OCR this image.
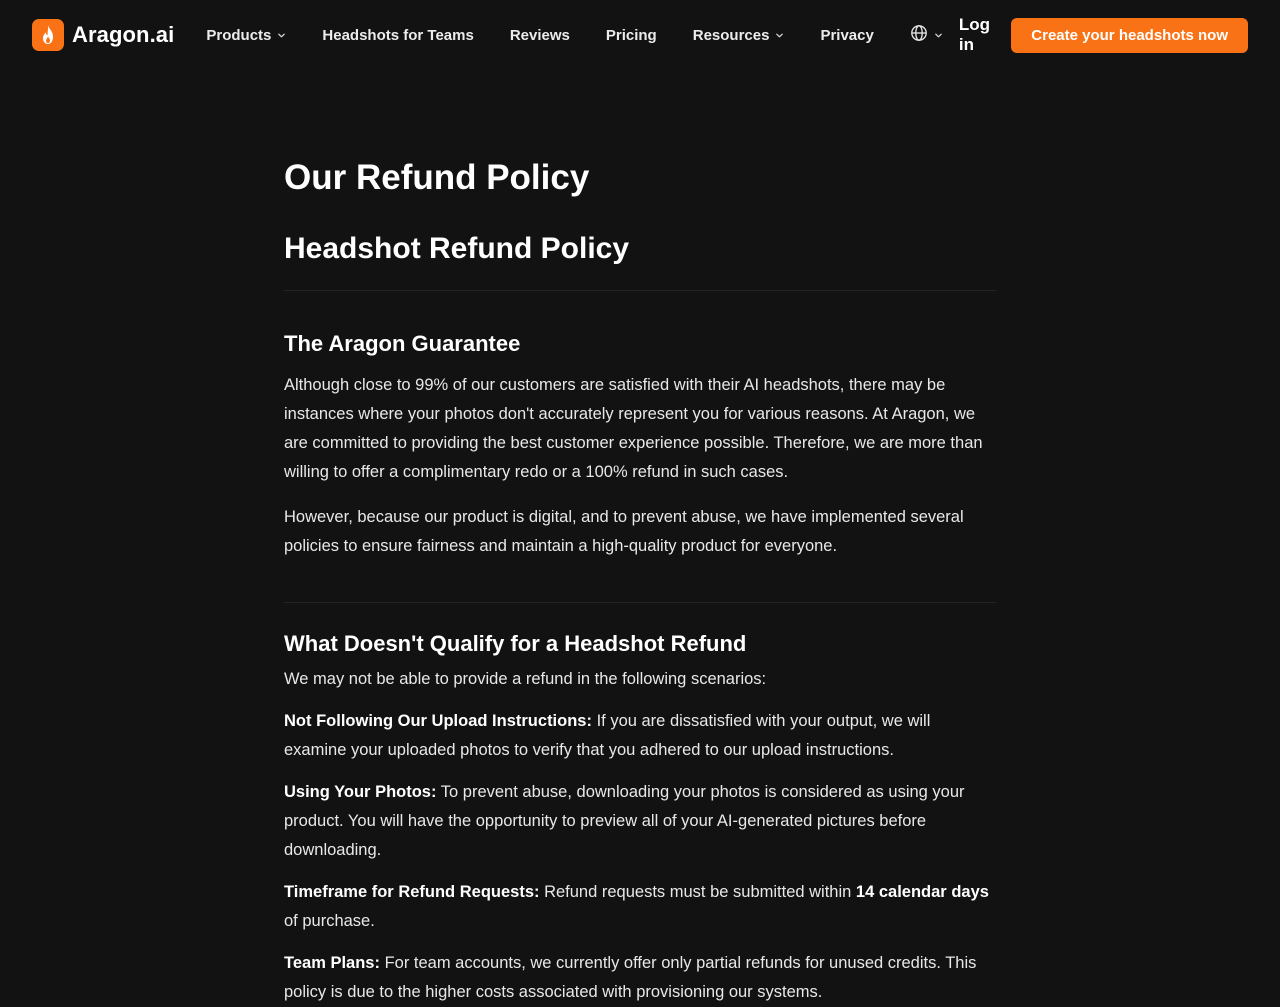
Aragon.ai Products	Headshots for Teams Reviews Pricing Resources	Privacy
Log in	Create your headshots now
Our Refund Policy
Headshot Refund Policy
The Aragon Guarantee

Although close to 99% of our customers are satisfied with their AI headshots, there may be instances where your photos don't accurately represent you for various reasons. At Aragon, we are committed to providing the best customer experience possible. Therefore, we are more than willing to offer a complimentary redo or a 100% refund in such cases.

However, because our product is digital, and to prevent abuse, we have implemented several policies to ensure fairness and maintain a high-quality product for everyone.

What Doesn't Qualify for a Headshot Refund

We may not be able to provide a refund in the following scenarios:

Not Following Our Upload Instructions: If you are dissatisfied with your output, we will examine your uploaded photos to verify that you adhered to our upload instructions.

Using Your Photos: To prevent abuse, downloading your photos is considered as using your product. You will have the opportunity to preview all of your AI-generated pictures before downloading.

Timeframe for Refund Requests: Refund requests must be submitted within 14 calendar days of purchase.

Team Plans: For team accounts, we currently offer only partial refunds for unused credits. This policy is due to the higher costs associated with provisioning our systems.
